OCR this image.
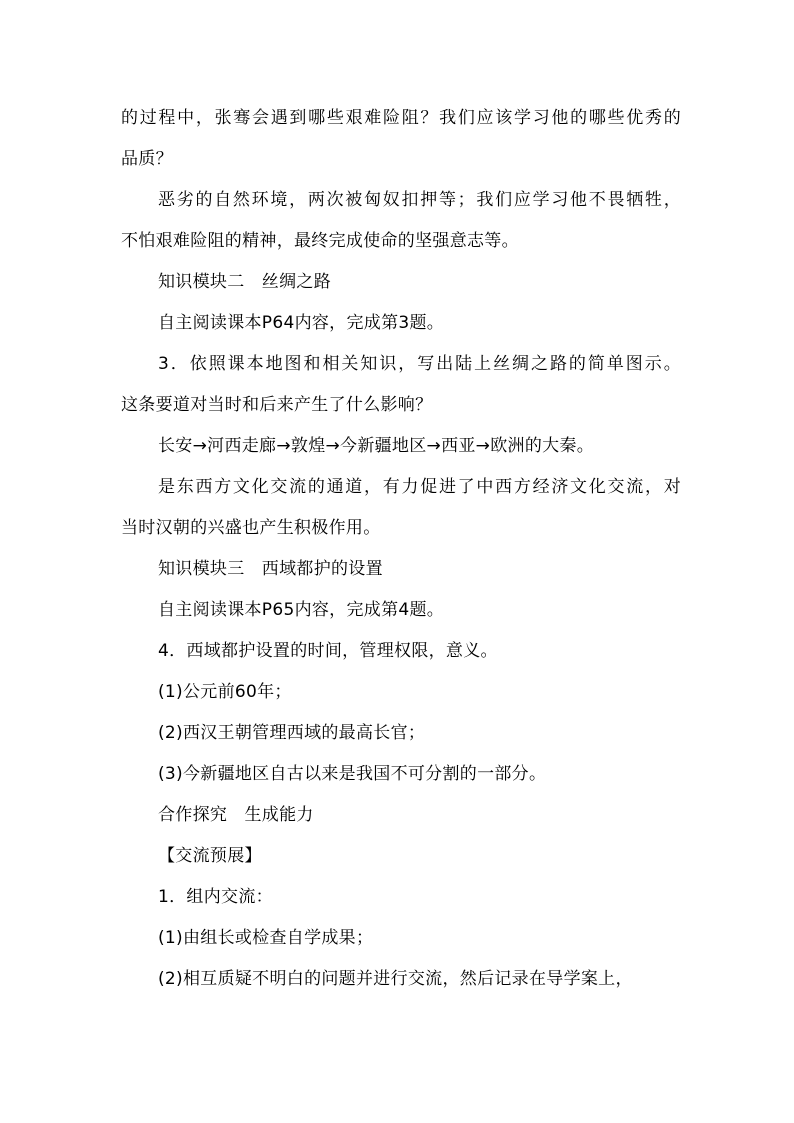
的过程中，张骞会遇到哪些艰难险阻？我们应该学习他的哪些优秀的
品质？
恶劣的自然环境，两次被匈奴扣押等；我们应学习他不畏牺牲，
不怕艰难险阻的精神，最终完成使命的坚强意志等。
知识模块二　丝绸之路
自主阅读课本P64内容，完成第3题。
3．依照课本地图和相关知识，写出陆上丝绸之路的简单图示。
这条要道对当时和后来产生了什么影响？
长安→河西走廊→敦煌→今新疆地区→西亚→欧洲的大秦。
是东西方文化交流的通道，有力促进了中西方经济文化交流，对
当时汉朝的兴盛也产生积极作用。
知识模块三　西域都护的设置
自主阅读课本P65内容，完成第4题。
4．西域都护设置的时间，管理权限，意义。
(1)公元前60年；
(2)西汉王朝管理西域的最高长官；
(3)今新疆地区自古以来是我国不可分割的一部分。
合作探究　生成能力
【交流预展】
1．组内交流：
(1)由组长或检查自学成果；
(2)相互质疑不明白的问题并进行交流，然后记录在导学案上，
